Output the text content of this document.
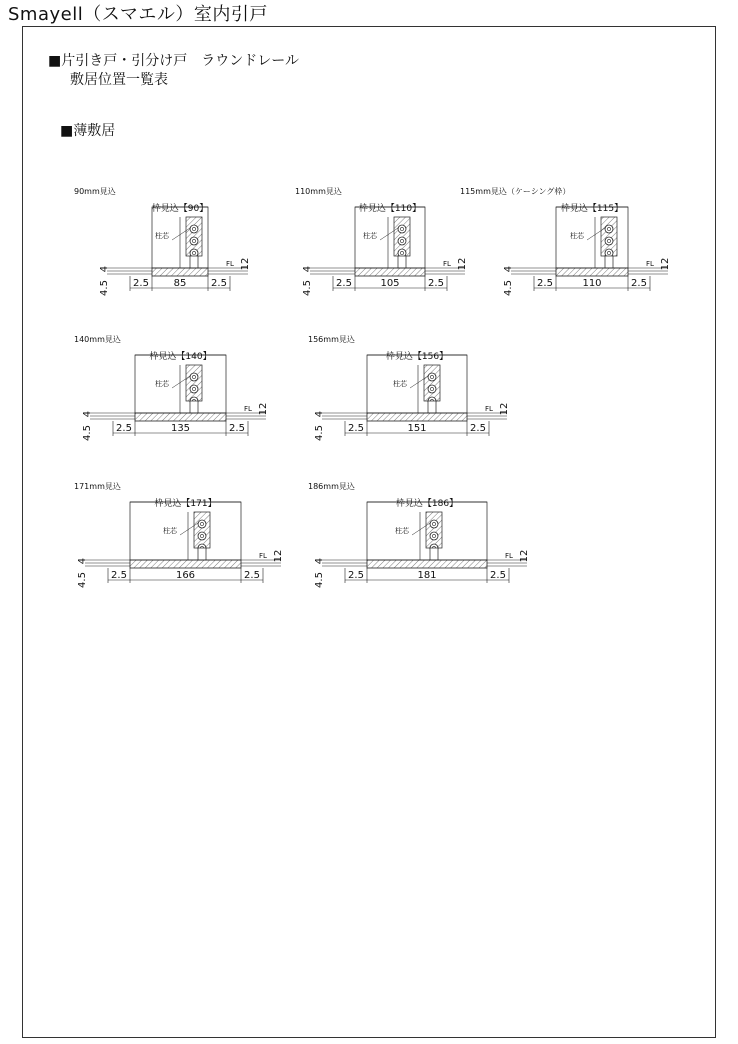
Smayell（スマエル）室内引戸
■片引き戸・引分け戸　ラウンドレール
敷居位置一覧表
■薄敷居
90mm見込	110mm見込	115mm見込（ケーシング枠）
140mm見込	156mm見込
171mm見込	186mm見込
枠見込【90】
柱芯
FL 12
4
4.5 2.5 85 2.5
枠見込【110】
柱芯
FL 12
4
4.5 2.5	105	2.5
枠見込【115】
柱芯
FL 12
4
4.5 2.5	110	2.5
枠見込【140】
柱芯
FL 12
4
4.5 2.5	135	2.5
枠見込【156】
柱芯
FL 12
4
4.5 2.5	151	2.5
枠見込【171】
柱芯
FL 12
4
4.5 2.5	166	2.5
枠見込【186】
柱芯
FL 12
4
4.5 2.5	181	2.5
